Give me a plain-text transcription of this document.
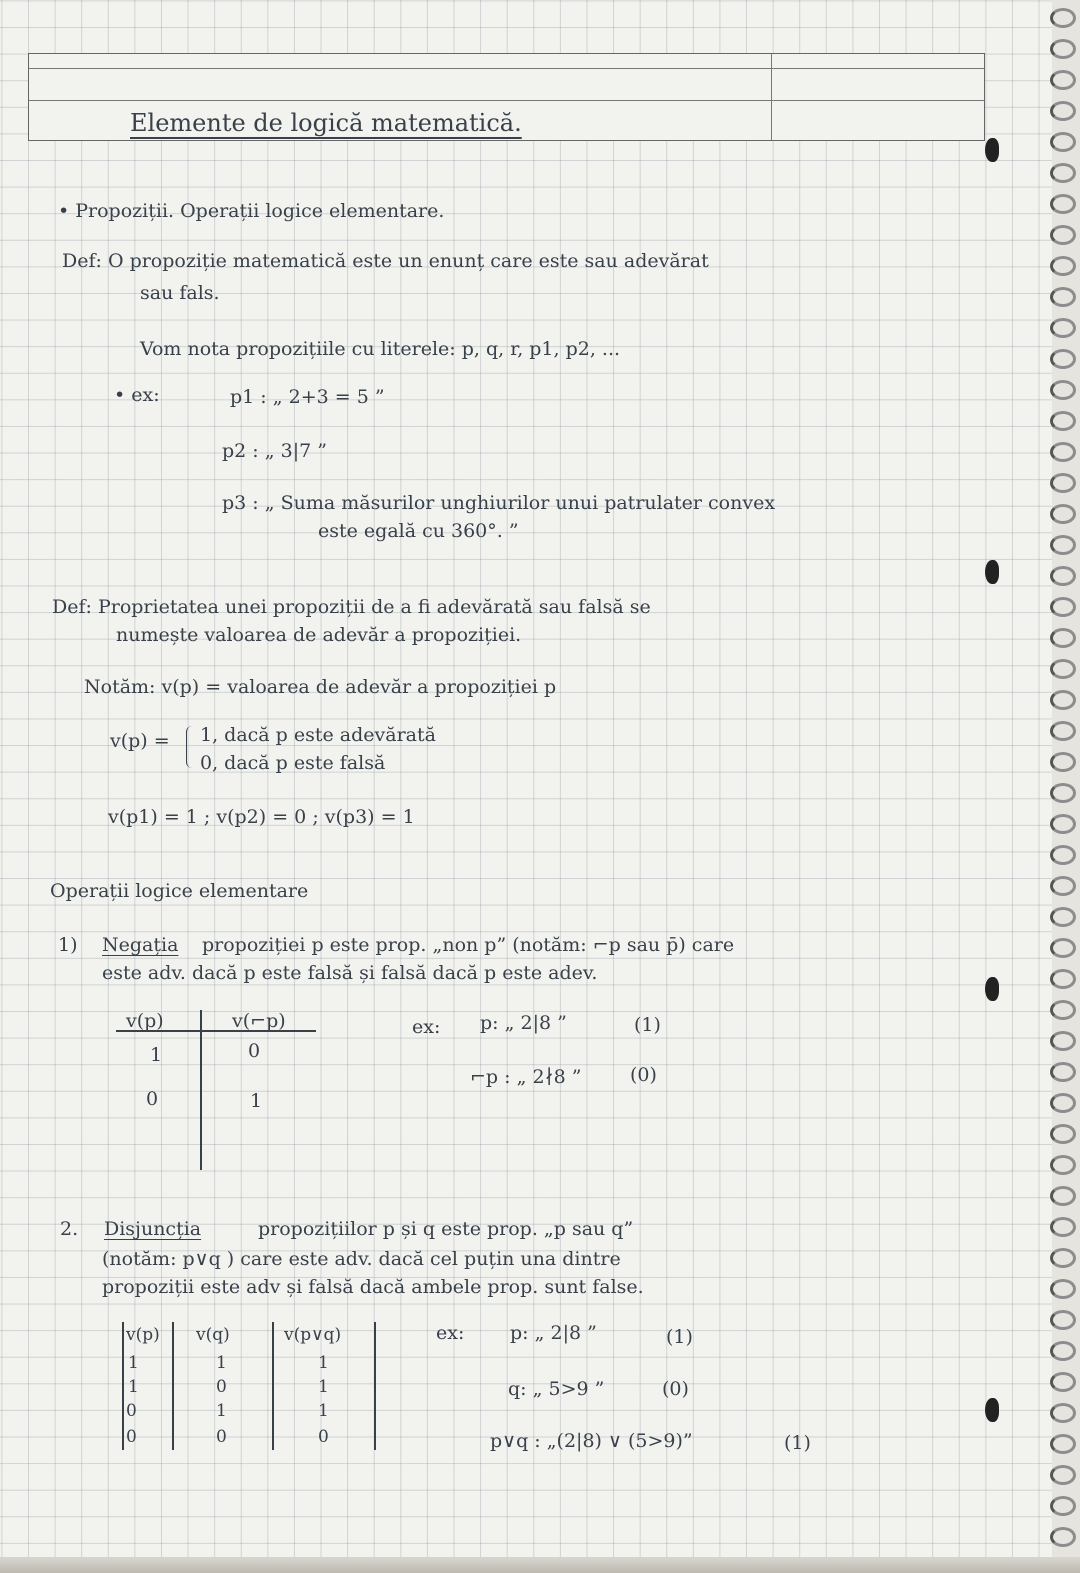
Elemente de logică matematică.
• Propoziții. Operații logice elementare.
Def: O propoziție matematică este un enunț care este sau adevărat
sau fals.
Vom nota propozițiile cu literele: p, q, r, p1, p2, ...
• ex:	p1 : „ 2+3 = 5 ”
p2 : „ 3|7 ”
p3 : „ Suma măsurilor unghiurilor unui patrulater convex
este egală cu 360°. ”
Def: Proprietatea unei propoziții de a fi adevărată sau falsă se
numește valoarea de adevăr a propoziției.
Notăm: v(p) = valoarea de adevăr a propoziției p
v(p) = 1, dacă p este adevărată
0, dacă p este falsă
v(p1) = 1 ; v(p2) = 0 ; v(p3) = 1
Operații logice elementare
1) Negația propoziției p este prop. „non p” (notăm: ⌐p sau p̄) care
este adv. dacă p este falsă și falsă dacă p este adev.
v(p)	v(⌐p)
1	0
0	1
ex: p: „ 2|8 ”	(1)
⌐p : „ 2∤8 ”	(0)
2. Disjuncția	propozițiilor p și q este prop. „p sau q”
(notăm: p∨q ) care este adv. dacă cel puțin una dintre
propoziții este adv și falsă dacă ambele prop. sunt false.
v(p) v(q)	v(p∨q)
1	1	1
1	0	1
0	1	1
0	0	0
ex: p: „ 2|8 ”	(1)
q: „ 5>9 ”	(0)
p∨q : „(2|8) ∨ (5>9)”	(1)
